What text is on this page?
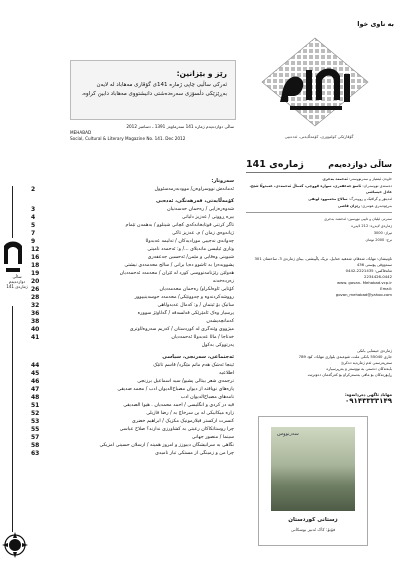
ساڵی دوازدەیەم
ژمارەی 141
رێز و بێزانین:
ئەرکی ساڵیی چاپی ژمارە 141ی گۆڤاری مەهاباد لە لایەن بەڕێزێکی دڵسۆزی سەرەدەشتی دانیشتووی مەهاباد دابین کراوە.
ساڵی دوازدەیەم ژمارە 141 سەرماوەز 1391 ـ دسامبر 2012
MEHABAD
Social, Cultural & Literary Magazine No. 141. Dec 2012
سەروتار:
2	ئەمانەش نووسراوەن/ موودبەرمەسئوول
کۆمەڵایەتی، فەرهەنگی، ئەدەبی
3	شەوەرەزایی / رەحمان حەسەنیان
4	بیرە ڕووتی / عەزیز دڵیاتی
5	تاگر کرتنی قوتابخانەکەی کچانی شینلوو / بەهمەن تێمام
7	ژیانەوەی زمان / م. عەزیز تاکی
9	چەوانەی نەجیبی مورادیەکان / تەلیمە عەبدوڵا
12	وتاری ئیلیسن ماندیلای .../ و: ئەحمەد نامیتی
16	شیوینی وەفایی و مێمن/ ئەحسین جەعفەری
18	پشووبدەرا بە ئاشوو دەیا برانی / سالح محەمەدی نیشتی
19	هەوڵێن رێژنامەنووسی کورد لە ئێران / محەمەد ئەحمەدیان
20	زەردەخەنە
26	کۆتایی ئاوەڵکراو/ رەحمان محەمەدیان
28	رووشەکردنەوە و چەوونێکی/ محەمەد حوسەینیپوور
32	ساتیک بۆ ئیتمان / و: کەماڵ عەبدوڵاهی
36	پرسیار وەک ئامێرێکی فەلسەفە / گەڵاوێژ سووره
38	کەمانچەیشەن
40	میژووی وێنەگری لە کوردستان / کەریم سەروەڵاوتری
41	خەتاجا / ماڵا عەبدوڵا ئەحمەدیان
پەرتووکی بەکوڵ
ئەجتماعی، سەرنجی، سیاسی
44	ئینجا ئەشک هەم ماتم مێگرد/ قاسم تاتێک
45	اطلاعیه
46	ترجمەی شعر بیتالی پشیو/ سید اسماعیل برزنجی
47	پارەهای نوپافتە از دیوان مصباح‌الدیوان ادب / محمد صدیقی
48	نامەهای مصباح‌الدیوان ادب
51	قید در کردی و انگلیسی / احمد محمدیان . هیوا الصدیقی
52	زارە میکانیکی لە بن سرخاچ به / رضا فازیلی
53	کنسرت ارکستر فیلارمونیک مکزیک / ابراهیم خضری
55	چرا روستاتکاکان رعبتی به کشاورزی ندارند؟ صلاح عباسی
57	سینما / منصور جهانی
58	نگاهی به سرانیشگان دیبوزز و امروز همینه / ارسلان حسینی آمزیکی
63	چرا من و زمینگی از مستکی تبار نامیدی
به ناوی خوا
گۆڤارێکی کولتووری، کۆمەڵایەتی، ئەدەبیی
ساڵی دوازدەیەم
ژمارەی 141

خاوەن ئیمتیاز و سەرنووسەر: ئەحمەد بەحری

دەستەی نووسەران: ئاسۆ جەعفەری، سوارە قووچی، کەماڵ ئەحمەدی، عەبدوڵا شێخ، عادل خیساشی

ئەدیتۆر و گرافیک و رووبەرگ: سالاح محەموود لوتفی

بەڕێوەبەری هونەری: رێزان قاضی

سەرتی ئیلیان و تایپی نووسین: ئەحمەد بەحری

ژمارەی لاپەڕە: 212 لاپەڕە

تیراژ: 3000

نرخ: 2000 تومان

ناونیشان: مهاباد، شەقام، شەهید خەلیل، نزیک پاڵپیشتی، بینای ژمارەی 3، ساختمان 301

سندووقی پۆستی 436

تەلەفاکس: 2221435-0442

2234426-0442

www. govan- Mehabad.vcp.ir

Email:

govan_mehabad@yahoo.com

ژمارەی حیسابی بانکی

جاری 55040 بانکی ملت، شوعبەی بلواری مهاباد، کۆد 789

سەرپەرستی ئەم ژمارەیە دەکرێ

بابەتەکان دەستی بە نووسەر و بەرپرسیارە

ڕاپۆرتەکان بۆ مافی بەسەرکراو بۆ کەرگەمان دەوترێت

مهاباد ئاگهی دەردانەوە:

۰۹۱۴۳۳۳۳۱۴۹

سەرنووس
زستانی کوردستان
فۆتۆ: کاک ئەنیر بوسکانی
